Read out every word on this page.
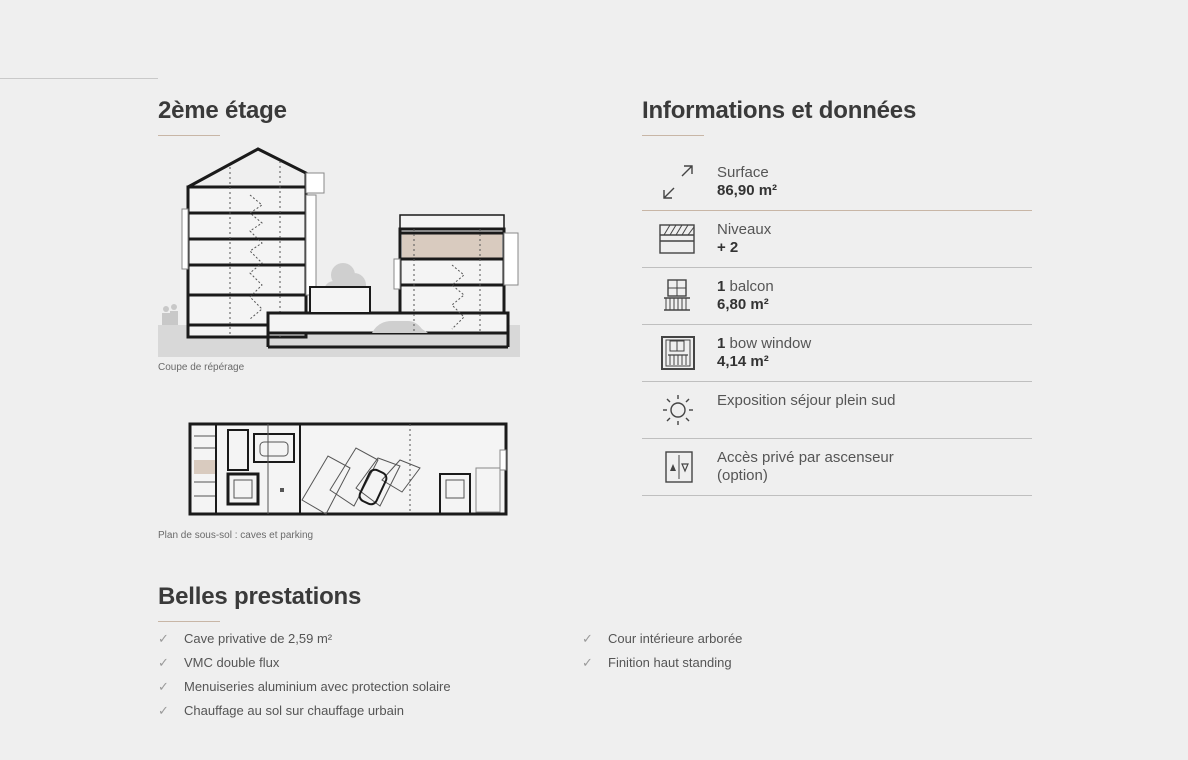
2ème étage
Coupe de répérage
Plan de sous-sol : caves et parking
Informations et données
Surface
86,90 m²
Niveaux
+ 2
1 balcon
6,80 m²
1 bow window
4,14 m²
Exposition séjour plein sud
Accès privé par ascenseur
(option)
Belles prestations
✓	Cave privative de 2,59 m²
✓	VMC double flux
✓	Menuiseries aluminium avec protection solaire
✓	Chauffage au sol sur chauffage urbain
✓	Cour intérieure arborée
✓	Finition haut standing
